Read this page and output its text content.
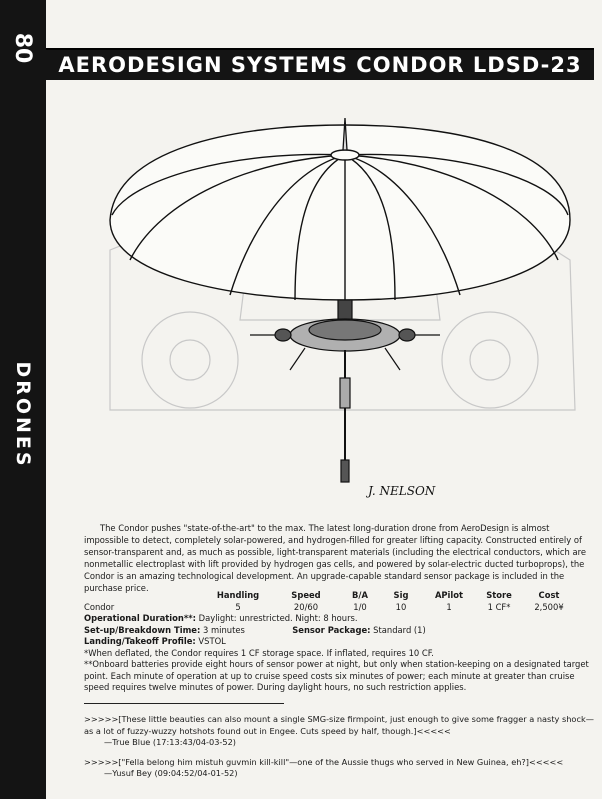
80
DRONES
AERODESIGN SYSTEMS CONDOR LDSD-23
J. NELSON

The Condor pushes "state-of-the-art" to the max. The latest long-duration drone from AeroDesign is almost impossible to detect, completely solar-powered, and hydrogen-filled for greater lifting capacity. Constructed entirely of sensor-transparent and, as much as possible, light-transparent materials (including the electrical conductors, which are nonmetallic electroplast with lift provided by hydrogen gas cells, and powered by solar-electric ducted turboprops), the Condor is an amazing technological development. An upgrade-capable standard sensor package is included in the purchase price.

Handling	Speed	B/A	Sig	APilot	Store	Cost
Condor	5	20/60	1/0	10	1	1 CF*	2,500¥
Operational Duration**: Daylight: unrestricted. Night: 8 hours.
Set-up/Breakdown Time: 3 minutes	Sensor Package: Standard (1)
Landing/Takeoff Profile: VSTOL
*When deflated, the Condor requires 1 CF storage space. If inflated, requires 10 CF.
**Onboard batteries provide eight hours of sensor power at night, but only when station-keeping on a designated target point. Each minute of operation at up to cruise speed costs six minutes of power; each minute at greater than cruise speed requires twelve minutes of power. During daylight hours, no such restriction applies.

>>>>>[These little beauties can also mount a single SMG-size firmpoint, just enough to give some fragger a nasty shock—as a lot of fuzzy-wuzzy hotshots found out in Engee. Cuts speed by half, though.]<<<<<

—True Blue (17:13:43/04-03-52)

>>>>>["Fella belong him mistuh guvmin kill-kill"—one of the Aussie thugs who served in New Guinea, eh?]<<<<<

—Yusuf Bey (09:04:52/04-01-52)
